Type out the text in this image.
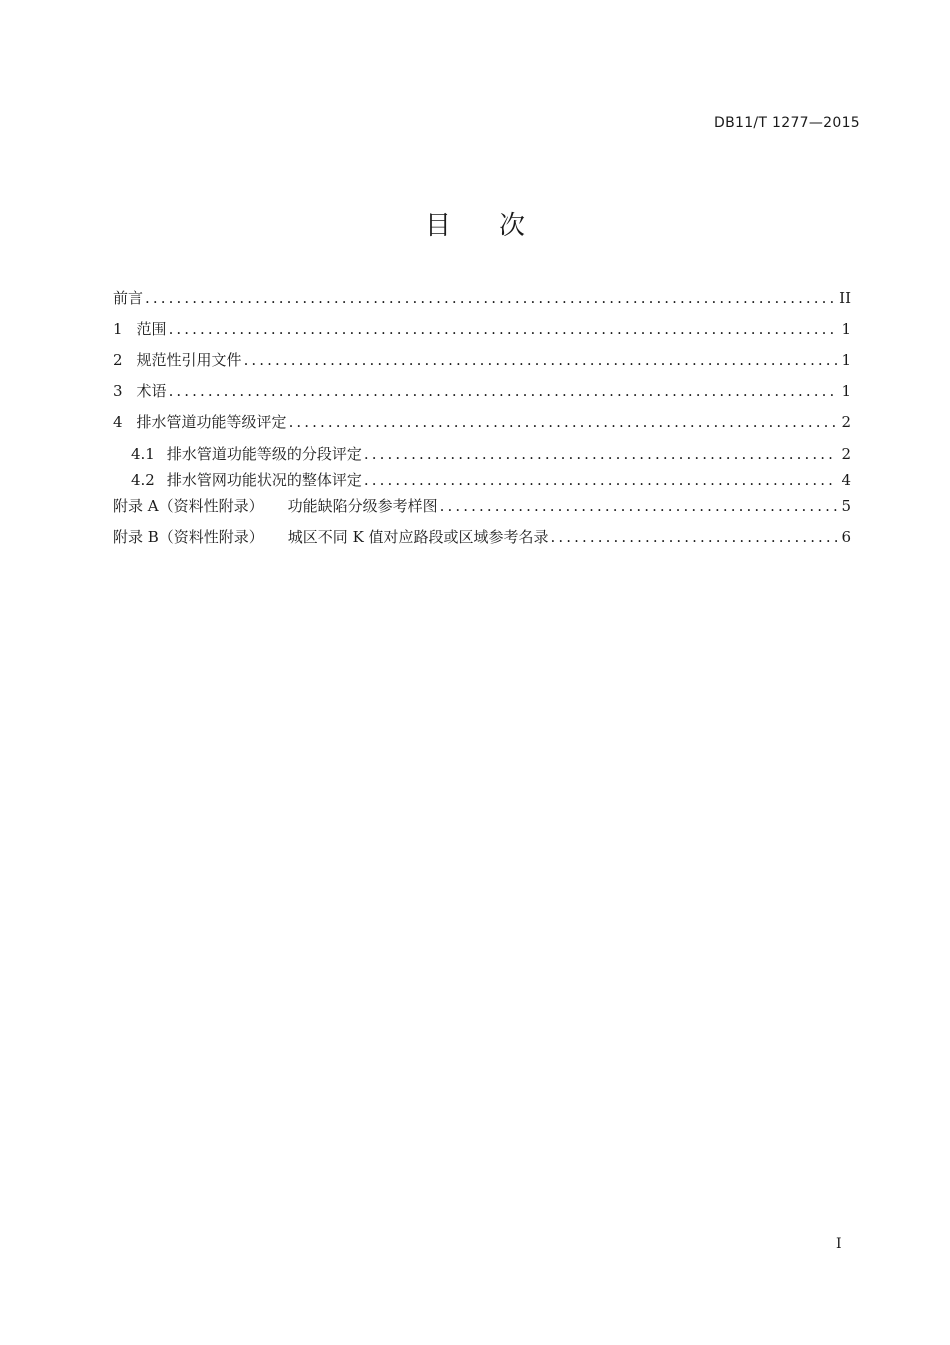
DB11/T 1277—2015
目 次
前言 .....	II
1 范围 .....	1
2 规范性引用文件 .....	1
3 术语 .....	1
4 排水管道功能等级评定 .....	2
4.1 排水管道功能等级的分段评定 .....	2
4.2 排水管网功能状况的整体评定 .....	4
附录 A（资料性附录） 功能缺陷分级参考样图 .....	5
附录 B（资料性附录） 城区不同 K 值对应路段或区域参考名录 .....	6
I
